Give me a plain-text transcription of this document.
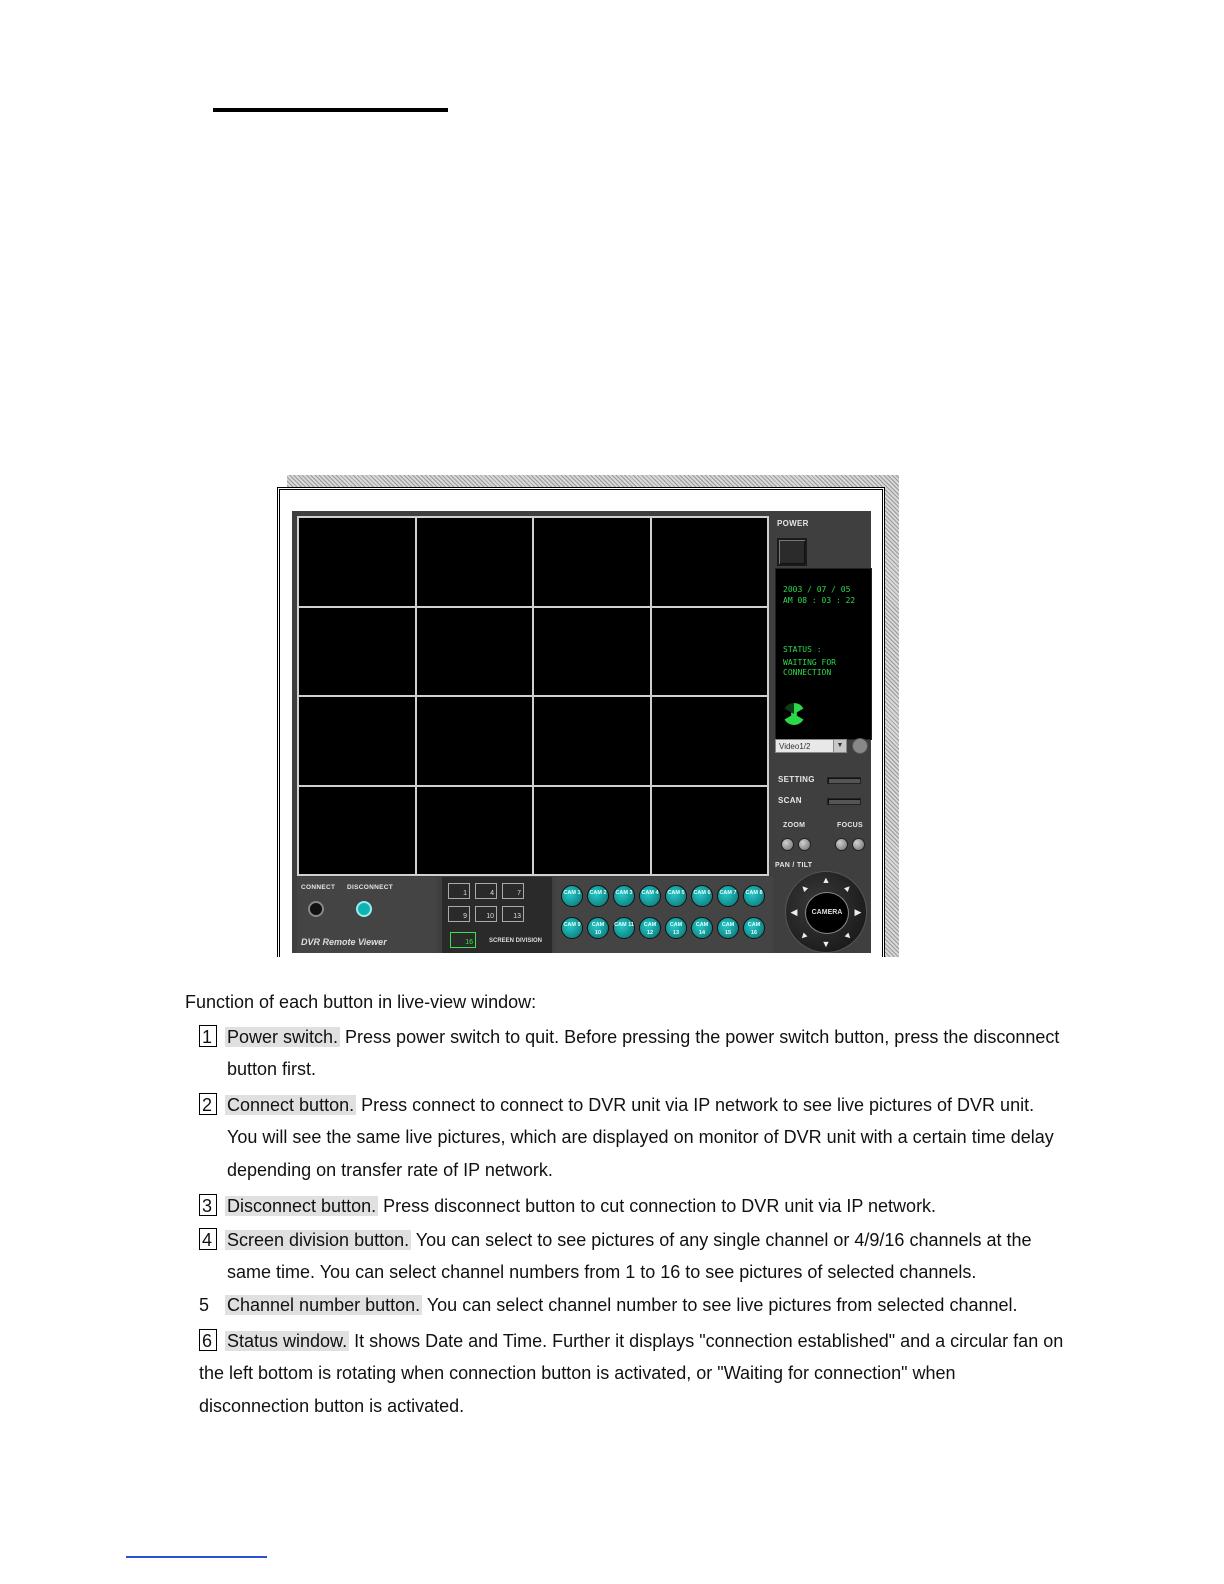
POWER
2003 / 07 / 05
AM 08 : 03 : 22
STATUS :
WAITING FOR
CONNECTION
Video1/2	▼
SETTING
SCAN
ZOOM	FOCUS
PAN / TILT
CAMERA
▲
▼
◀	▶
▲	▲
▼	▼
CONNECT DISCONNECT
DVR Remote Viewer
1	4	7
9	10	13
16	SCREEN DIVISION
CAM 1	CAM 2	CAM 3	CAM 4	CAM 5	CAM 6	CAM 7	CAM 8
CAM 9	CAM 10
CAM 11	CAM 12
CAM 13
CAM 14
CAM 15
CAM 16
Function of each button in live-view window:
1 Power switch. Press power switch to quit. Before pressing the power switch button, press the disconnect
button first.
2 Connect button. Press connect to connect to DVR unit via IP network to see live pictures of DVR unit.
You will see the same live pictures, which are displayed on monitor of DVR unit with a certain time delay
depending on transfer rate of IP network.
3 Disconnect button. Press disconnect button to cut connection to DVR unit via IP network.
4 Screen division button. You can select to see pictures of any single channel or 4/9/16 channels at the
same time. You can select channel numbers from 1 to 16 to see pictures of selected channels.
5 Channel number button. You can select channel number to see live pictures from selected channel.
6 Status window. It shows Date and Time. Further it displays "connection established" and a circular fan on
the left bottom is rotating when connection button is activated, or "Waiting for connection" when
disconnection button is activated.
